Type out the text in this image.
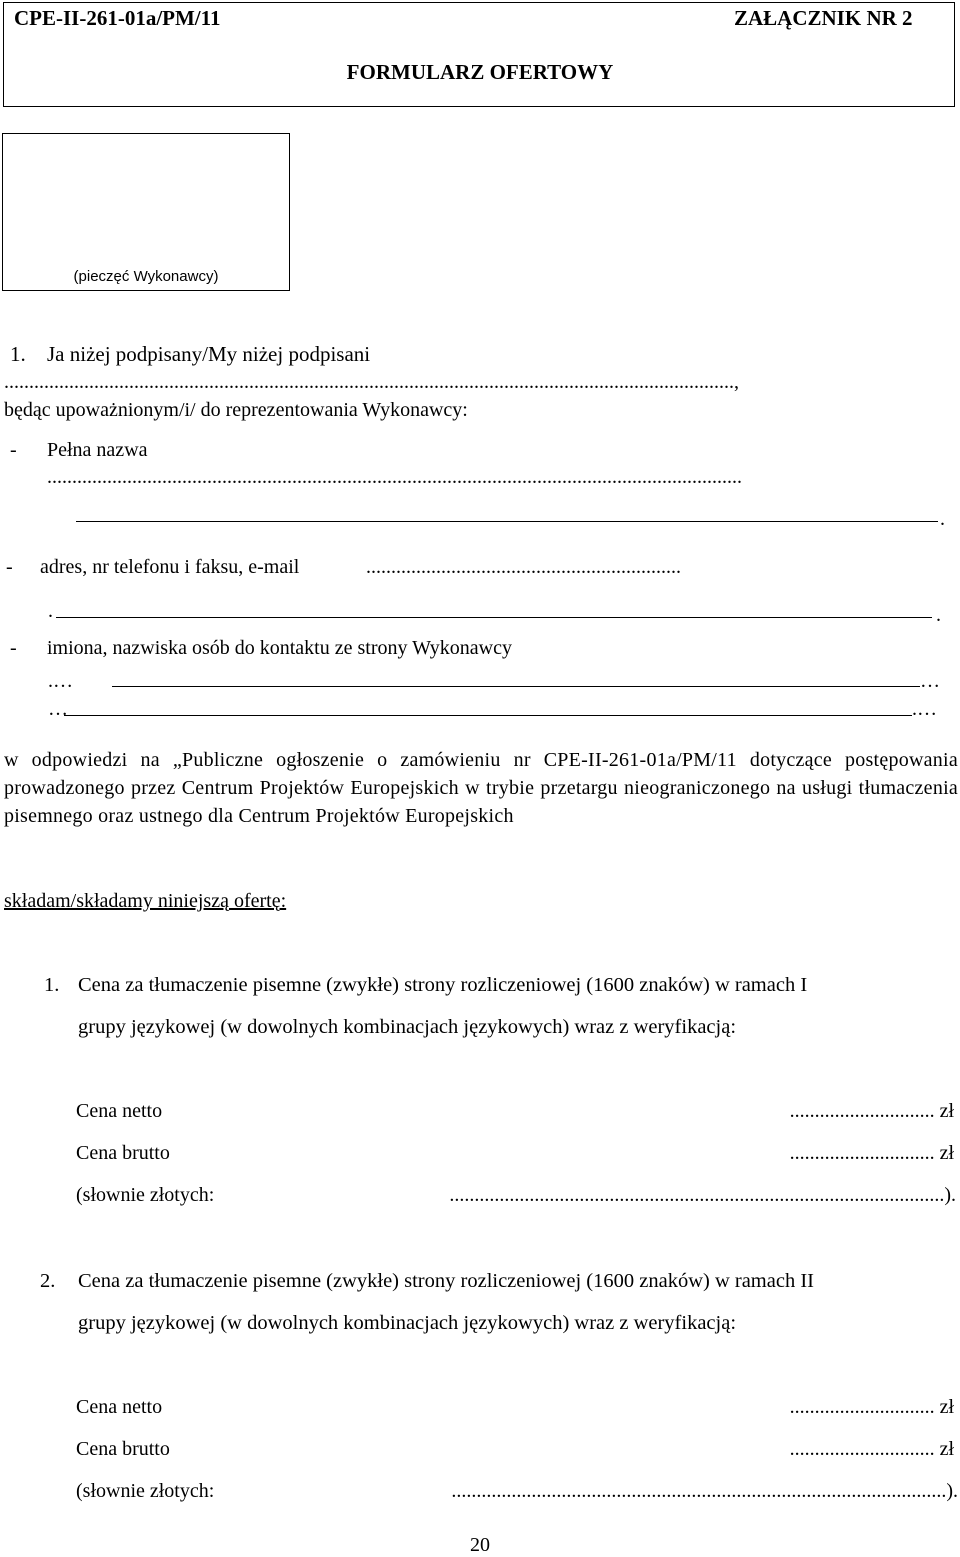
CPE-II-261-01a/PM/11	ZAŁĄCZNIK NR 2
FORMULARZ OFERTOWY
(pieczęć Wykonawcy)
1. Ja niżej podpisany/My niżej podpisani
..................................................................................................................................................,
będąc upoważnionym/i/ do reprezentowania Wykonawcy:
- Pełna nazwa
...........................................................................................................................................
.
- adres, nr telefonu i faksu, e-mail	...............................................................
.	.
- imiona, nazwiska osób do kontaktu ze strony Wykonawcy
.…	…
…	.…
w odpowiedzi na „Publiczne ogłoszenie o zamówieniu nr CPE-II-261-01a/PM/11 dotyczące postępowania prowadzonego przez Centrum Projektów Europejskich w trybie przetargu nieograniczonego na usługi tłumaczenia pisemnego oraz ustnego dla Centrum Projektów Europejskich
składam/składamy niniejszą ofertę:
1. Cena za tłumaczenie pisemne (zwykłe) strony rozliczeniowej (1600 znaków) w ramach I
grupy językowej (w dowolnych kombinacjach językowych) wraz z weryfikacją:
Cena netto	............................. zł
Cena brutto	............................. zł
(słownie złotych:	...................................................................................................).
2. Cena za tłumaczenie pisemne (zwykłe) strony rozliczeniowej (1600 znaków) w ramach II
grupy językowej (w dowolnych kombinacjach językowych) wraz z weryfikacją:
Cena netto	............................. zł
Cena brutto	............................. zł
(słownie złotych:	...................................................................................................).
20
